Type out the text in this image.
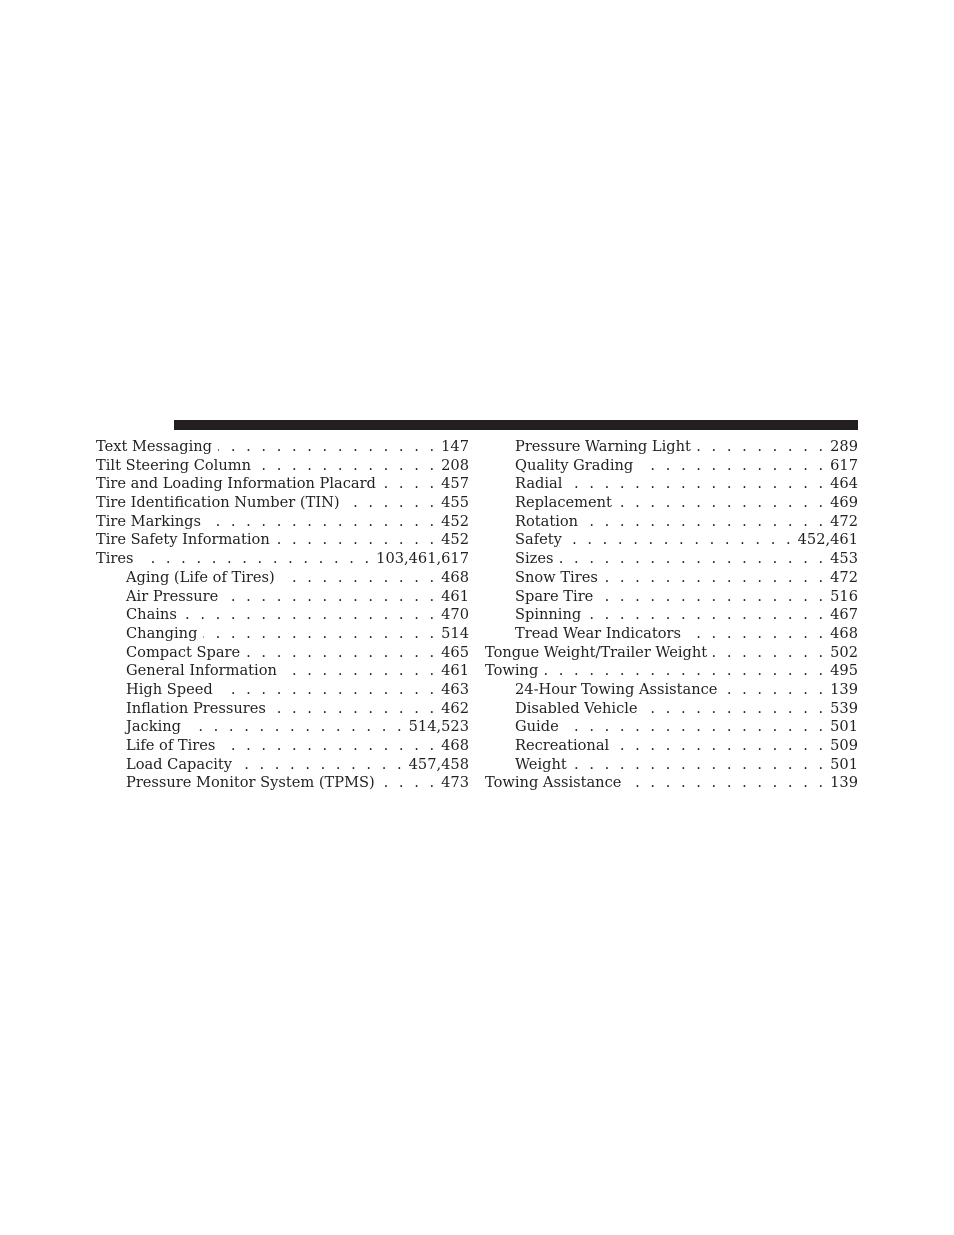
Text Messaging . . .	147
Tilt Steering Column . . .	208
Tire and Loading Information Placard . . .	457
Tire Identification Number (TIN) . . .	455
Tire Markings . . .	452
Tire Safety Information . . .	452
Tires . . .	103,461,617
Aging (Life of Tires) . . .	468
Air Pressure . . .	461
Chains . . .	470
Changing . . .	514
Compact Spare . . .	465
General Information . . .	461
High Speed . . .	463
Inflation Pressures . . .	462
Jacking . . .	514,523
Life of Tires . . .	468
Load Capacity . . .	457,458
Pressure Monitor System (TPMS) . . .	473
Pressure Warning Light . . .	289
Quality Grading . . .	617
Radial . . .	464
Replacement . . .	469
Rotation . . .	472
Safety . . .	452,461
Sizes . . .	453
Snow Tires . . .	472
Spare Tire . . .	516
Spinning . . .	467
Tread Wear Indicators . . .	468
Tongue Weight/Trailer Weight . . .	502
Towing . . .	495
24-Hour Towing Assistance . . .	139
Disabled Vehicle . . .	539
Guide . . .	501
Recreational . . .	509
Weight . . .	501
Towing Assistance . . .	139
